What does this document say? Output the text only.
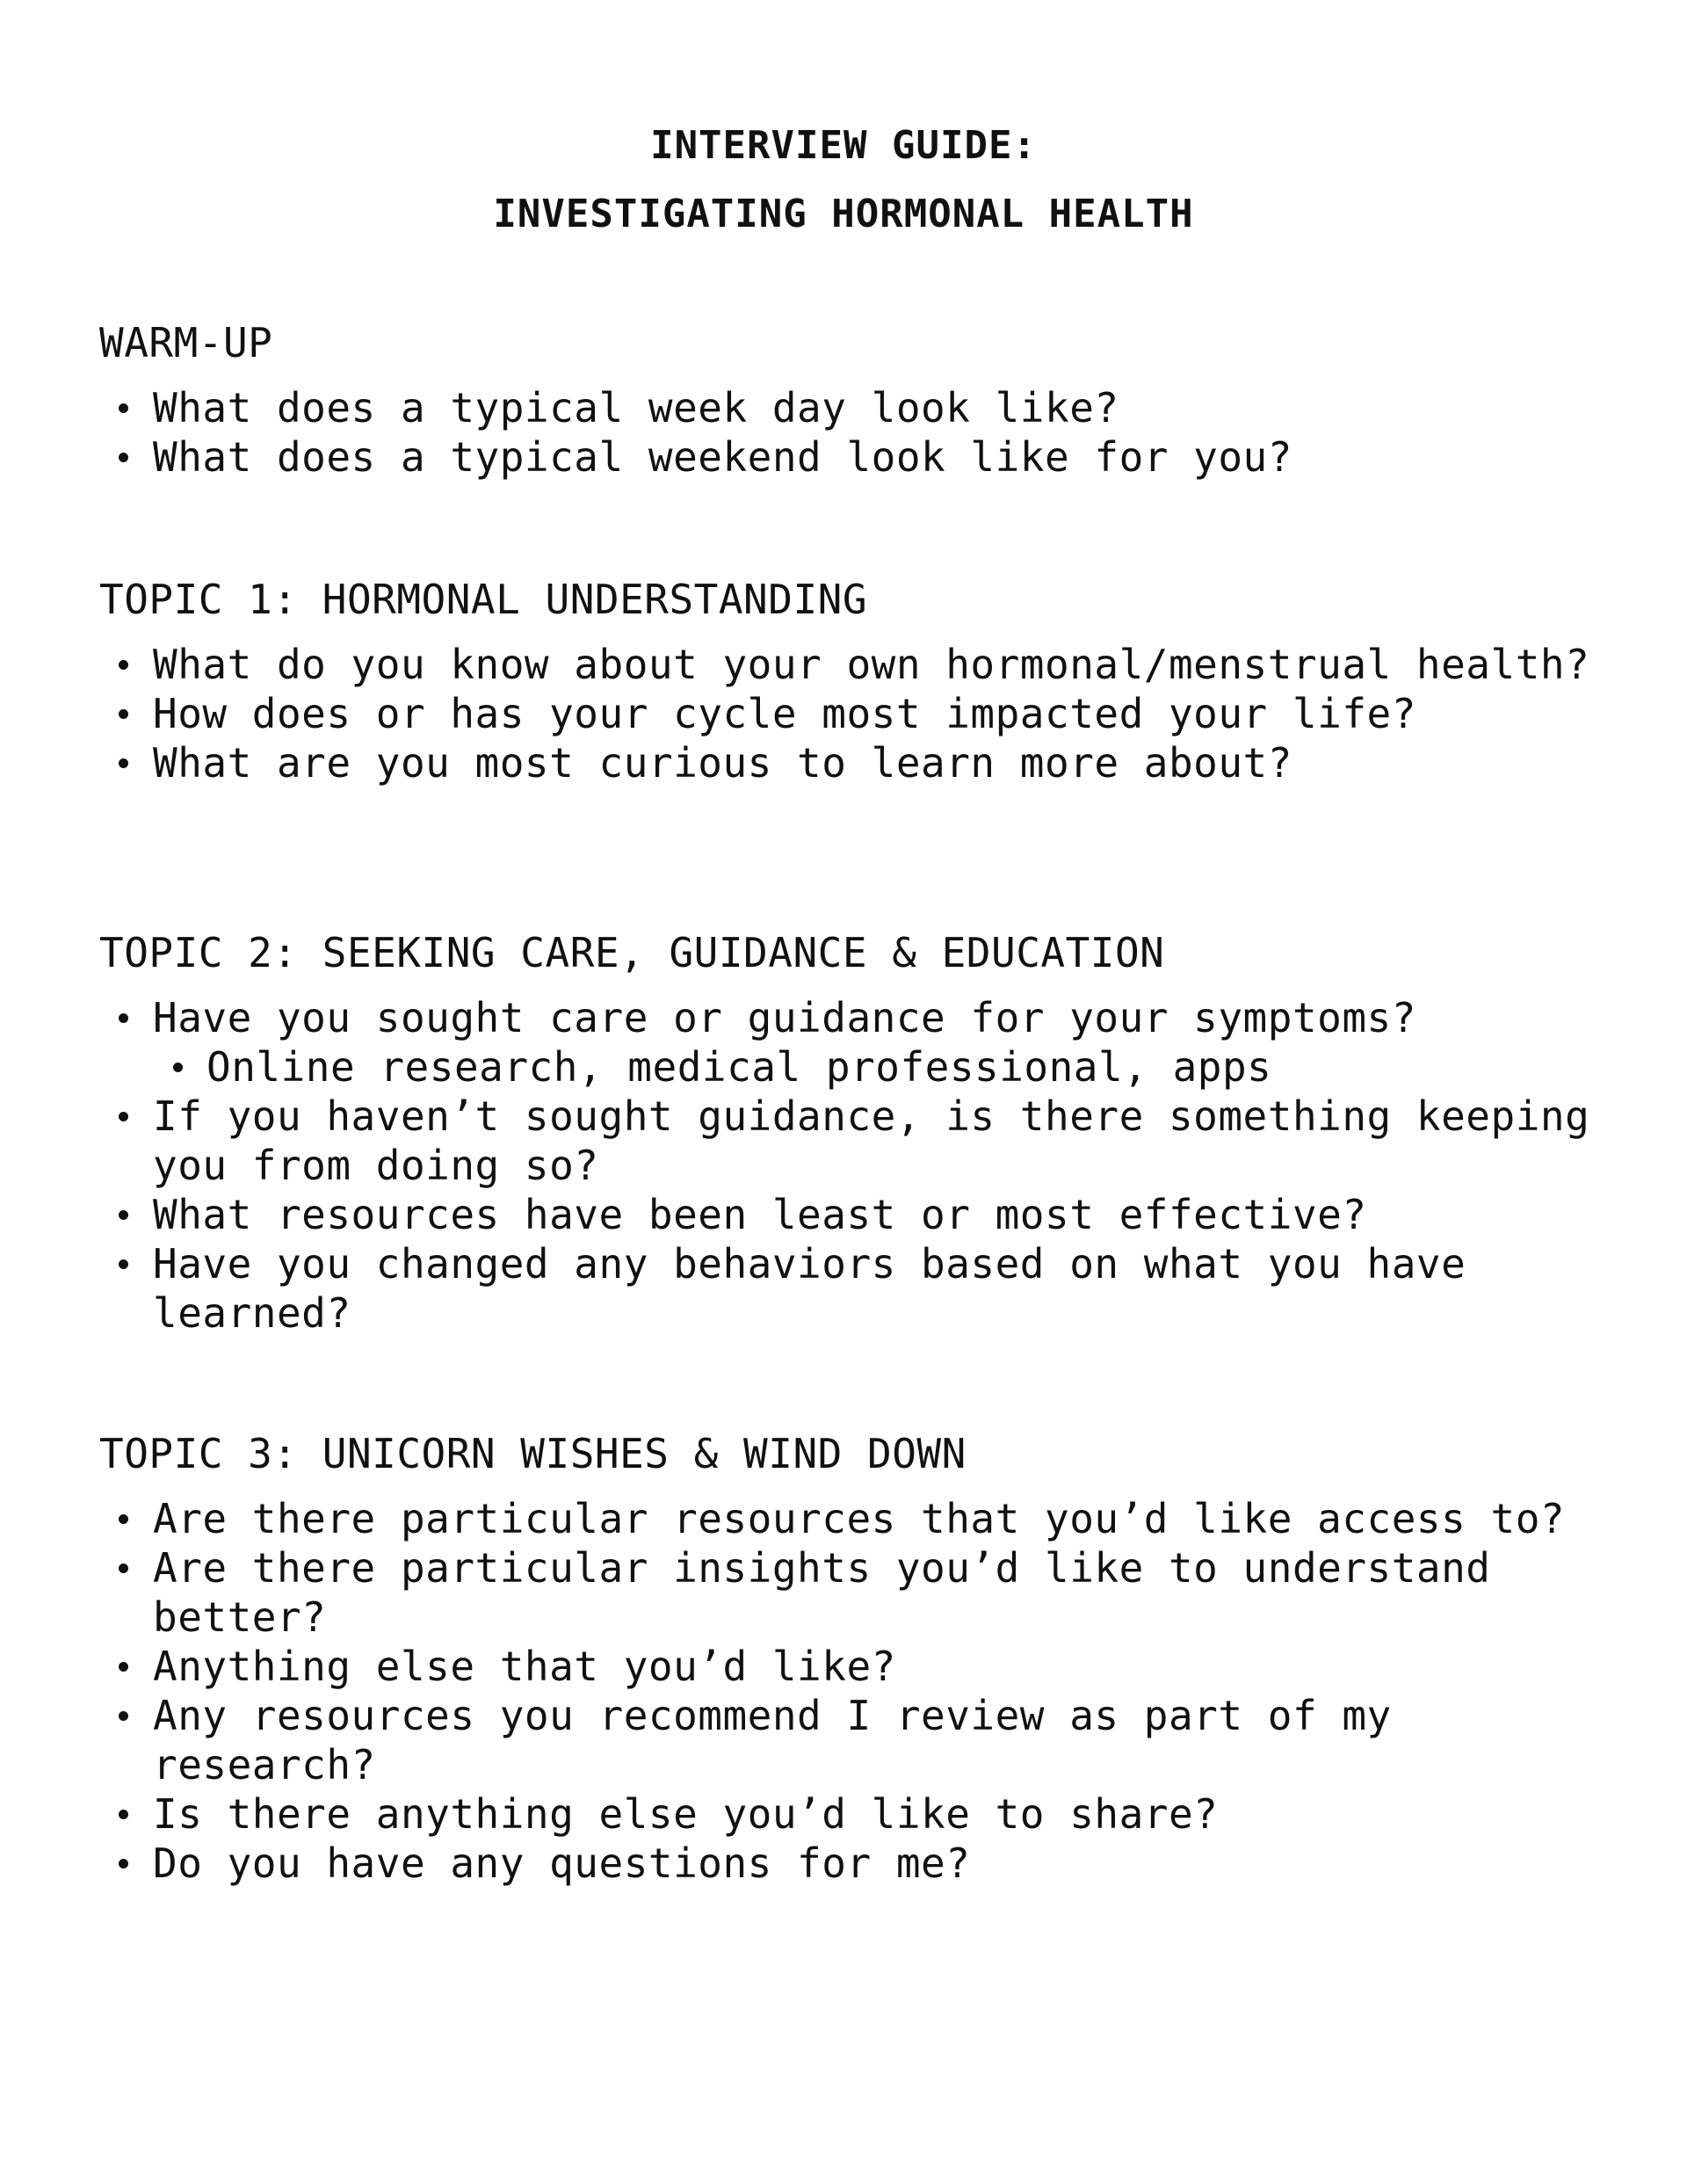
INTERVIEW GUIDE:
INVESTIGATING HORMONAL HEALTH
WARM-UP
What does a typical week day look like?
What does a typical weekend look like for you?
TOPIC 1: HORMONAL UNDERSTANDING
What do you know about your own hormonal/menstrual health?
How does or has your cycle most impacted your life?
What are you most curious to learn more about?
TOPIC 2: SEEKING CARE, GUIDANCE & EDUCATION
Have you sought care or guidance for your symptoms?
Online research, medical professional, apps
If you haven’t sought guidance, is there something keeping you from doing so?
What resources have been least or most effective?
Have you changed any behaviors based on what you have learned?
TOPIC 3: UNICORN WISHES & WIND DOWN
Are there particular resources that you’d like access to?
Are there particular insights you’d like to understand better?
Anything else that you’d like?
Any resources you recommend I review as part of my research?
Is there anything else you’d like to share?
Do you have any questions for me?
